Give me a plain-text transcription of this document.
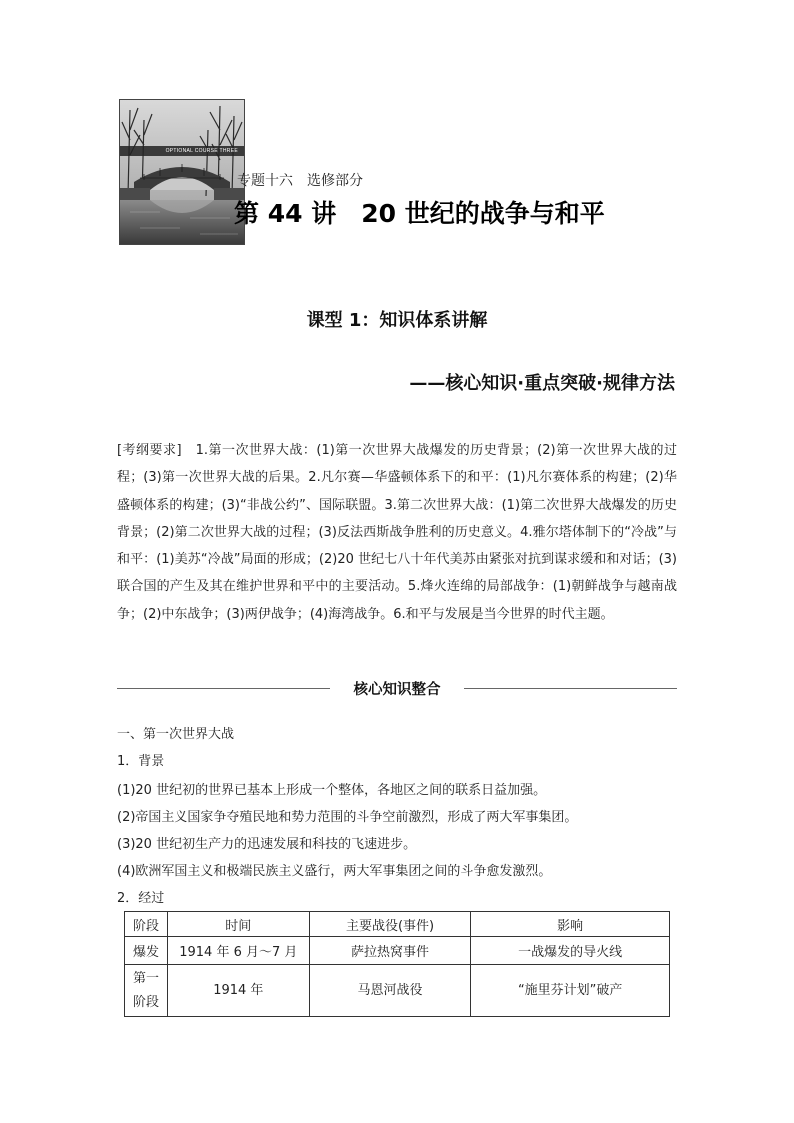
OPTIONAL COURSE THREE
专题十六　选修部分
第 44 讲　20 世纪的战争与和平
课型 1：知识体系讲解
——核心知识·重点突破·规律方法
[考纲要求]　1.第一次世界大战：(1)第一次世界大战爆发的历史背景；(2)第一次世界大战的过程；(3)第一次世界大战的后果。2.凡尔赛—华盛顿体系下的和平：(1)凡尔赛体系的构建；(2)华盛顿体系的构建；(3)“非战公约”、国际联盟。3.第二次世界大战：(1)第二次世界大战爆发的历史背景；(2)第二次世界大战的过程；(3)反法西斯战争胜利的历史意义。4.雅尔塔体制下的“冷战”与和平：(1)美苏“冷战”局面的形成；(2)20 世纪七八十年代美苏由紧张对抗到谋求缓和和对话；(3)联合国的产生及其在维护世界和平中的主要活动。5.烽火连绵的局部战争：(1)朝鲜战争与越南战争；(2)中东战争；(3)两伊战争；(4)海湾战争。6.和平与发展是当今世界的时代主题。
核心知识整合
一、第一次世界大战
1．背景
(1)20 世纪初的世界已基本上形成一个整体，各地区之间的联系日益加强。
(2)帝国主义国家争夺殖民地和势力范围的斗争空前激烈，形成了两大军事集团。
(3)20 世纪初生产力的迅速发展和科技的飞速进步。
(4)欧洲军国主义和极端民族主义盛行，两大军事集团之间的斗争愈发激烈。
2．经过
阶段	时间	主要战役(事件)	影响
爆发	1914 年 6 月～7 月	萨拉热窝事件	一战爆发的导火线
第一
阶段	1914 年	马恩河战役	“施里芬计划”破产
